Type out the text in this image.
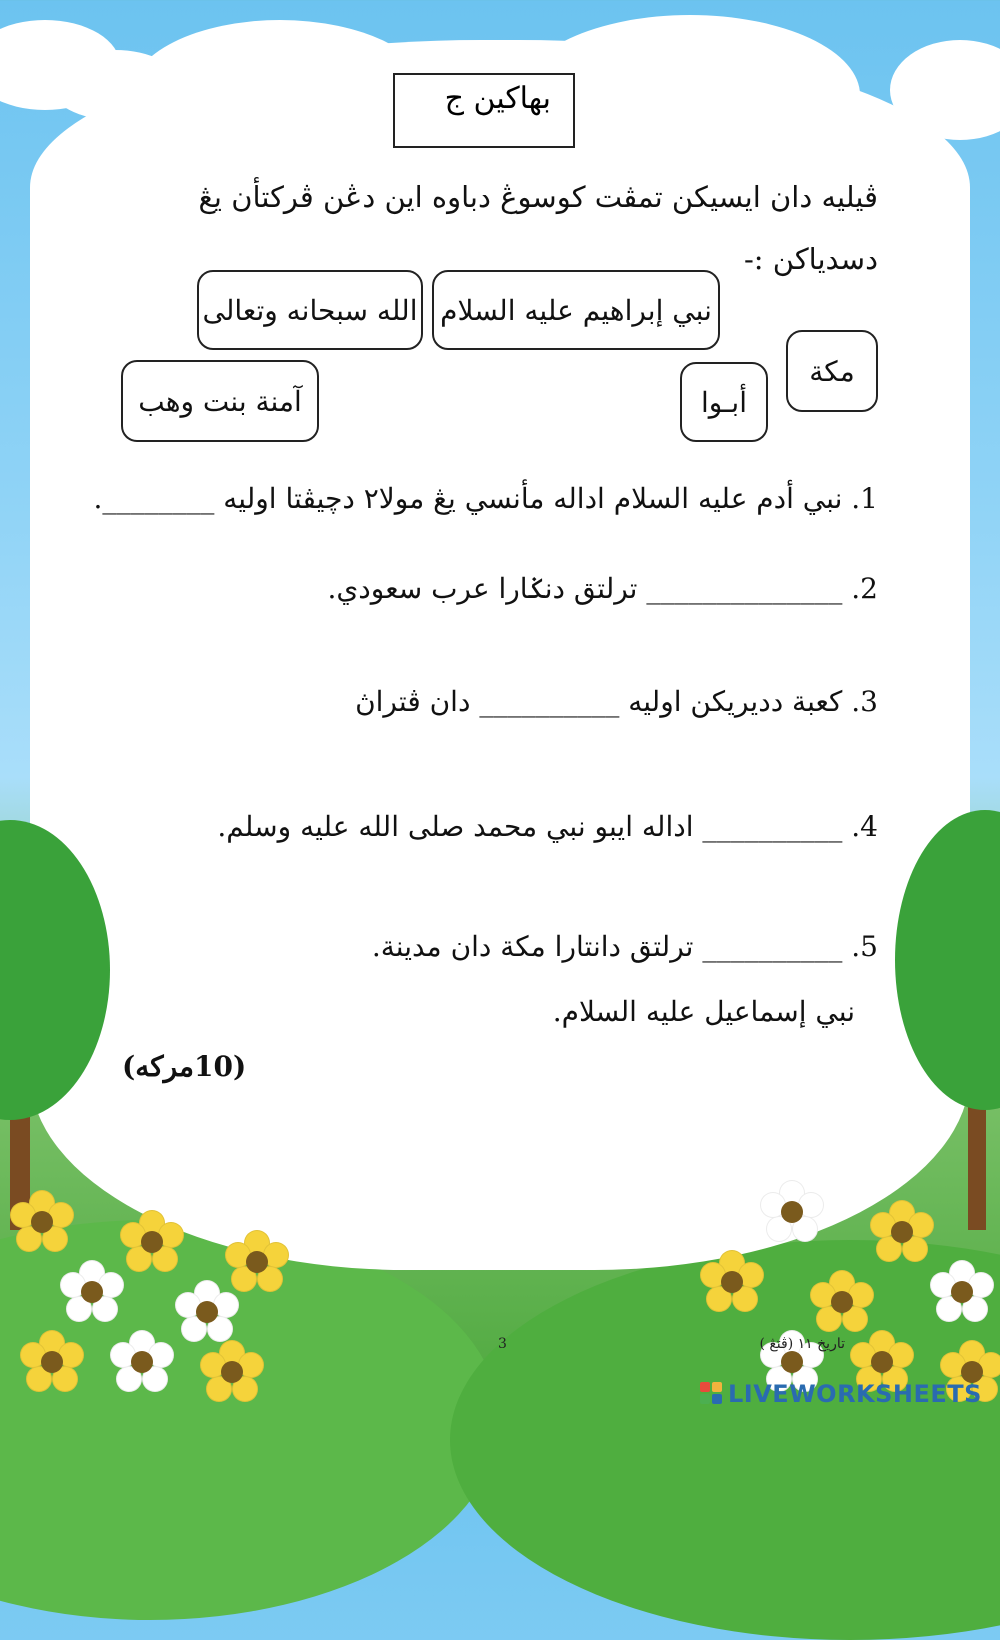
بهاكين ج
ڤيليه دان ايسيکن تمڤت کوسوڠ دباوه اين دڠن ڤرکتأن يڠ
دسدياکن :-
الله سبحانه وتعالى نبي إبراهيم عليه السلام
مكة
آمنة بنت وهب	أبـوا
1. نبي أدم عليه السلام اداله مأنسي يڠ مولا٢ دچيڤتا اوليه ________.
2. ______________ ترلتق دنݢارا عرب سعودي.
3. کعبة ددیریکن اوليه __________ دان ڤتراڽ
4. __________ اداله ايبو نبي محمد صلى الله عليه وسلم.
5. __________ ترلتق دانتارا مكة دان مدينة.
نبي إسماعيل عليه السلام.
(10مرکه)
3	تاريخ ١١ (ڤتڠ )
LIVEWORKSHEETS
